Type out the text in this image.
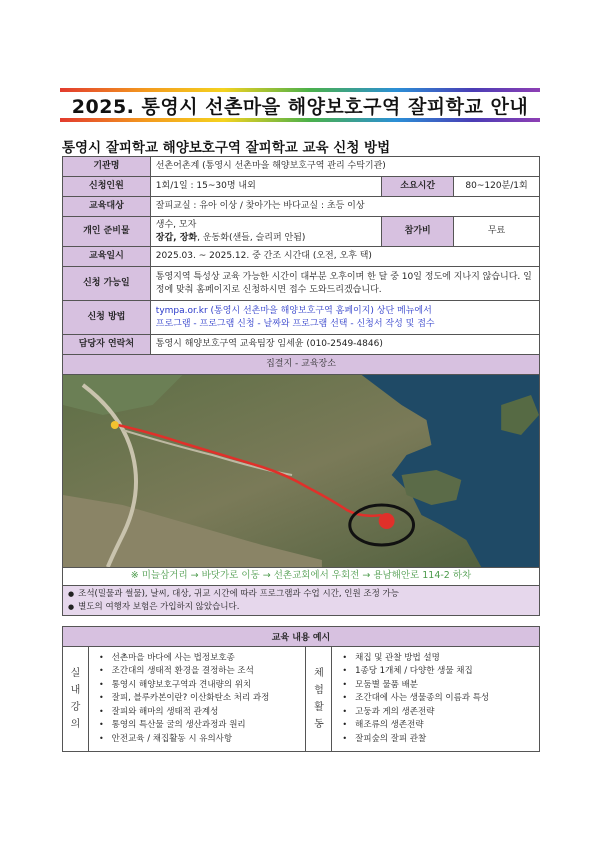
2025. 통영시 선촌마을 해양보호구역 잘피학교 안내
통영시 잘피학교 해양보호구역 잘피학교 교육 신청 방법
기관명	선촌어촌계 (통영시 선촌마을 해양보호구역 관리 수탁기관)		
신청인원	1회/1일 : 15~30명 내외	소요시간	80~120분/1회
교육대상	잘피교실 : 유아 이상 / 찾아가는 바다교실 : 초등 이상		
개인 준비물	생수, 모자
장갑, 장화, 운동화(샌들, 슬리퍼 안됨)	참가비	무료
교육일시	2025.03. ~ 2025.12. 중 간조 시간대 (오전, 오후 택)		
신청 가능일	통영지역 특성상 교육 가능한 시간이 대부분 오후이며 한 달 중 10일 정도에 지나지 않습니다. 일정에 맞춰 홈페이지로 신청하시면 접수 도와드리겠습니다.		
신청 방법	tympa.or.kr (통영시 선촌마을 해양보호구역 홈페이지) 상단 메뉴에서
프로그램 - 프로그램 신청 - 날짜와 프로그램 선택 - 신청서 작성 및 접수		

담당자 연락처	통영시 해양보호구역 교육팀장 임세윤 (010-2549-4846)		
집결지 - 교육장소			

※ 미늘삼거리 → 바닷가로 이동 → 선촌교회에서 우회전 → 용남해안로 114-2 하차			

● 조석(밀물과 썰물), 날씨, 대상, 귀교 시간에 따라 프로그램과 수업 시간, 인원 조정 가능
● 별도의 여행자 보험은 가입하지 않았습니다.			
교육 내용 예시

실내강의

• 선촌마을 바다에 사는 법정보호종
• 조간대의 생태적 환경을 결정하는 조석
• 통영시 해양보호구역과 견내량의 위치
• 잘피, 블루카본이란? 이산화탄소 처리 과정
• 잘피와 해마의 생태적 관계성
• 통영의 특산물 굴의 생산과정과 원리
• 안전교육 / 채집활동 시 유의사항

체험활동

• 채집 및 관찰 방법 설명
• 1종당 1개체 / 다양한 생물 채집
• 모둠별 물품 배분
• 조간대에 사는 생물종의 이름과 특성
• 고둥과 게의 생존전략
• 해조류의 생존전략
• 잘피숲의 잘피 관찰
